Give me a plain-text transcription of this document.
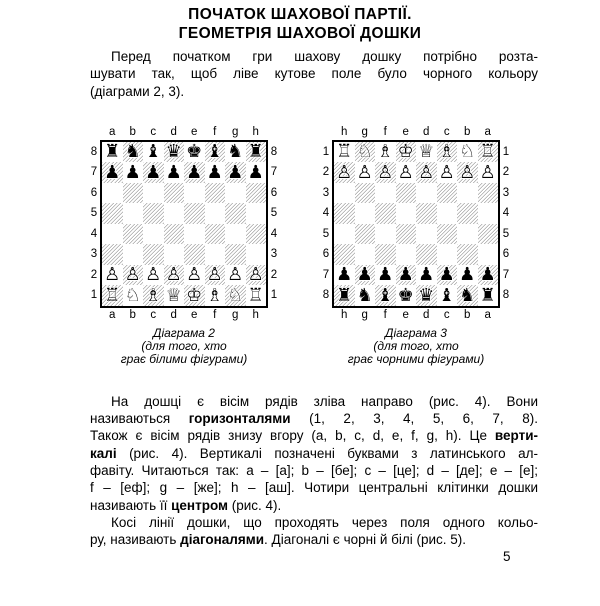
ПОЧАТОК ШАХОВОЇ ПАРТІЇ.
ГЕОМЕТРІЯ ШАХОВОЇ ДОШКИ
Перед початком гри шахову дошку потрібно розта-
шувати так, щоб ліве кутове поле було чорного кольору
(діаграми 2, 3).
a	b	c	d	e	f	g	h
8
7
6
5
4
3
2
1
♜ ♞ ♝ ♛ ♚ ♝ ♞ ♜
♟ ♟ ♟ ♟ ♟ ♟ ♟ ♟
♙ ♙ ♙ ♙ ♙ ♙ ♙ ♙
♖ ♘ ♗ ♕ ♔ ♗ ♘ ♖
8
7
6
5
4
3
2
1
a	b	c	d	e	f	g	h
Діаграма 2
(для того, хто
грає білими фігурами)
h	g	f	e	d	c	b	a
1
2
3
4
5
6
7
8
♖ ♘ ♗ ♔ ♕ ♗ ♘ ♖
♙ ♙ ♙ ♙ ♙ ♙ ♙ ♙
♟ ♟ ♟ ♟ ♟ ♟ ♟ ♟
♜ ♞ ♝ ♚ ♛ ♝ ♞ ♜
1
2
3
4
5
6
7
8
h	g	f	e	d	c	b	a
Діаграма 3
(для того, хто
грає чорними фігурами)
На дошці є вісім рядів зліва направо (рис. 4). Вони
називаються горизонталями (1, 2, 3, 4, 5, 6, 7, 8).
Також є вісім рядів знизу вгору (a, b, c, d, e, f, g, h). Це верти-
калі (рис. 4). Вертикалі позначені буквами з латинського ал-
фавіту. Читаються так: a – [а]; b – [бе]; c – [це]; d – [де]; e – [е];
f – [еф]; g – [же]; h – [аш]. Чотири центральні клітинки дошки
називають її центром (рис. 4).
Косі лінії дошки, що проходять через поля одного кольо-
ру, називають діагоналями. Діагоналі є чорні й білі (рис. 5).
5
